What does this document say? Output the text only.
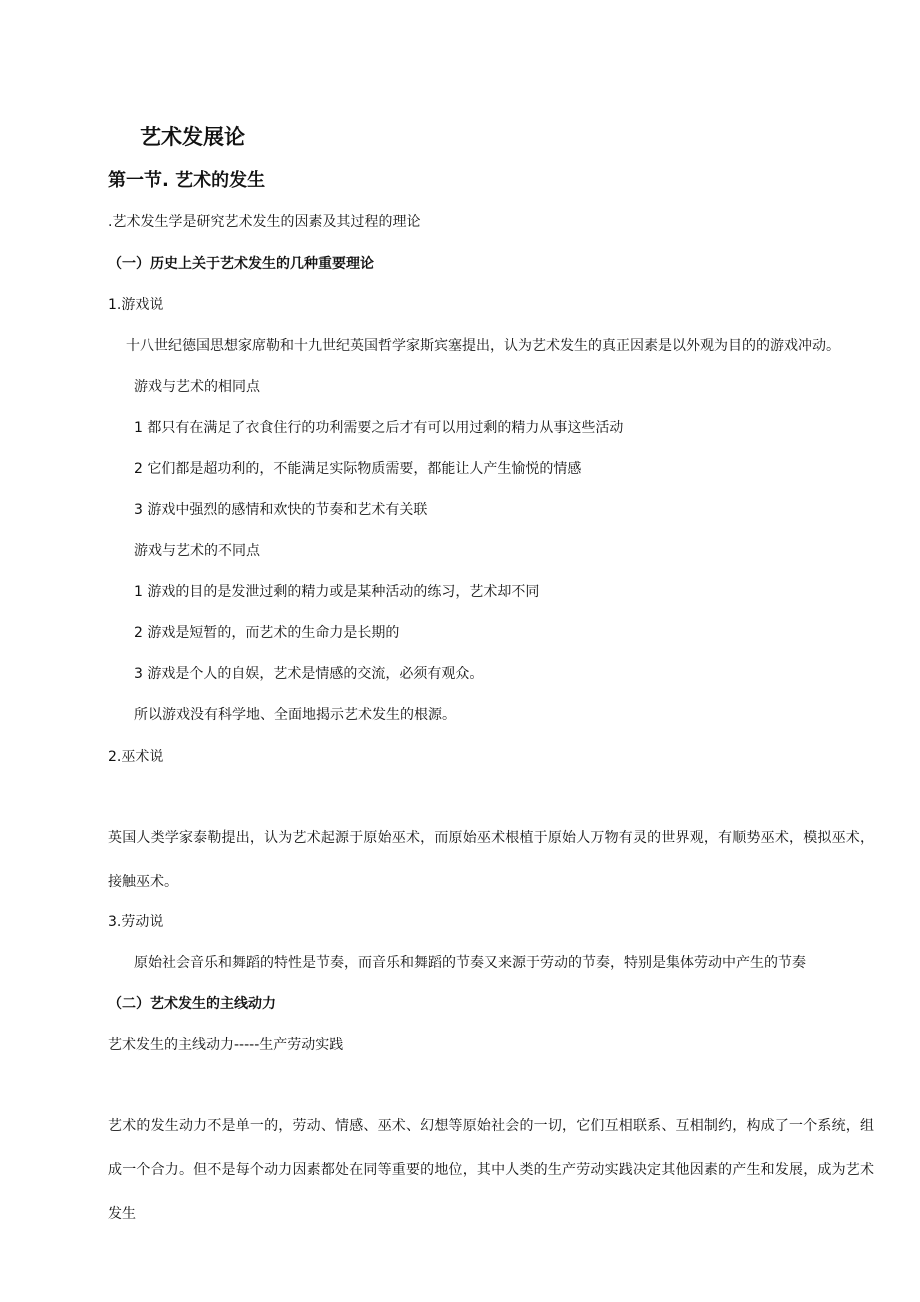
艺术发展论
第一节. 艺术的发生
.艺术发生学是研究艺术发生的因素及其过程的理论
（一）历史上关于艺术发生的几种重要理论
1.游戏说
十八世纪德国思想家席勒和十九世纪英国哲学家斯宾塞提出，认为艺术发生的真正因素是以外观为目的的游戏冲动。
游戏与艺术的相同点
1 都只有在满足了衣食住行的功利需要之后才有可以用过剩的精力从事这些活动
2 它们都是超功利的，不能满足实际物质需要，都能让人产生愉悦的情感
3 游戏中强烈的感情和欢快的节奏和艺术有关联
游戏与艺术的不同点
1 游戏的目的是发泄过剩的精力或是某种活动的练习，艺术却不同
2 游戏是短暂的，而艺术的生命力是长期的
3 游戏是个人的自娱，艺术是情感的交流，必须有观众。
所以游戏没有科学地、全面地揭示艺术发生的根源。
2.巫术说
英国人类学家泰勒提出，认为艺术起源于原始巫术，而原始巫术根植于原始人万物有灵的世界观，有顺势巫术，模拟巫术，接触巫术。
3.劳动说
原始社会音乐和舞蹈的特性是节奏，而音乐和舞蹈的节奏又来源于劳动的节奏，特别是集体劳动中产生的节奏
（二）艺术发生的主线动力
艺术发生的主线动力-----生产劳动实践
艺术的发生动力不是单一的，劳动、情感、巫术、幻想等原始社会的一切，它们互相联系、互相制约，构成了一个系统，组成一个合力。但不是每个动力因素都处在同等重要的地位，其中人类的生产劳动实践决定其他因素的产生和发展，成为艺术发生
